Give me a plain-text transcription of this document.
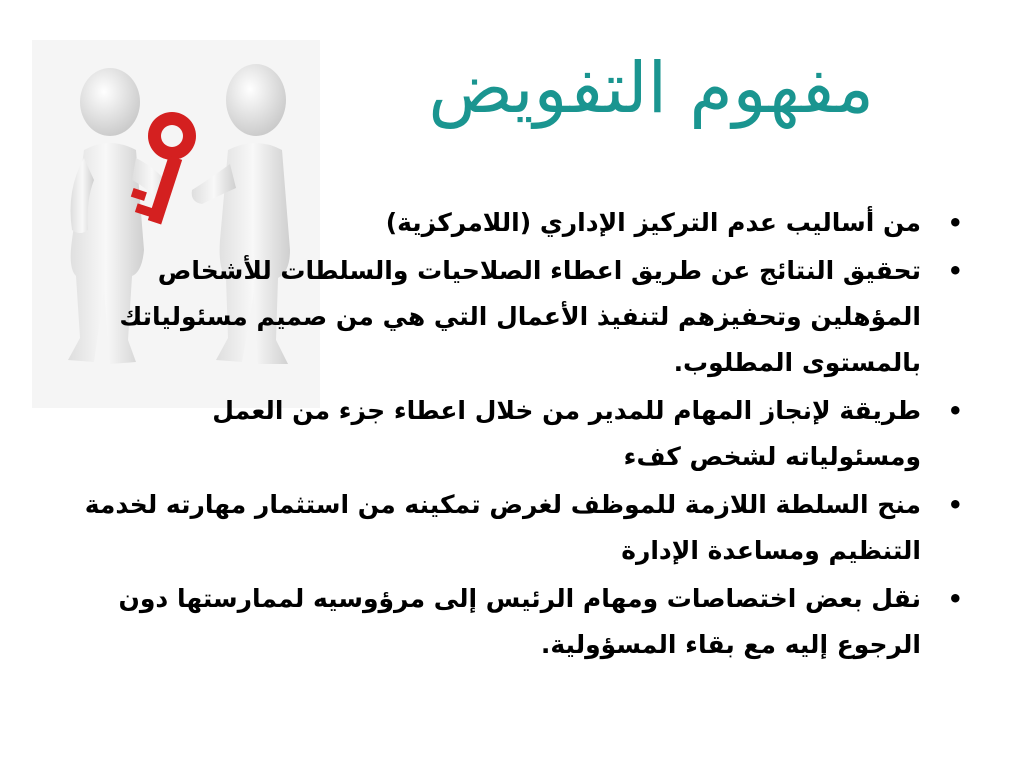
مفهوم التفويض
• من أساليب عدم التركيز الإداري (اللامركزية)
• تحقيق النتائج عن طريق اعطاء الصلاحيات والسلطات للأشخاص المؤهلين وتحفيزهم لتنفيذ الأعمال التي هي من صميم مسئولياتك بالمستوى المطلوب.
• طريقة لإنجاز المهام للمدير من خلال اعطاء جزء من العمل ومسئولياته لشخص كفء
• منح السلطة اللازمة للموظف لغرض تمكينه من استثمار مهارته لخدمة التنظيم ومساعدة الإدارة
• نقل بعض اختصاصات ومهام الرئيس إلى مرؤوسيه لممارستها دون الرجوع إليه مع بقاء المسؤولية.
